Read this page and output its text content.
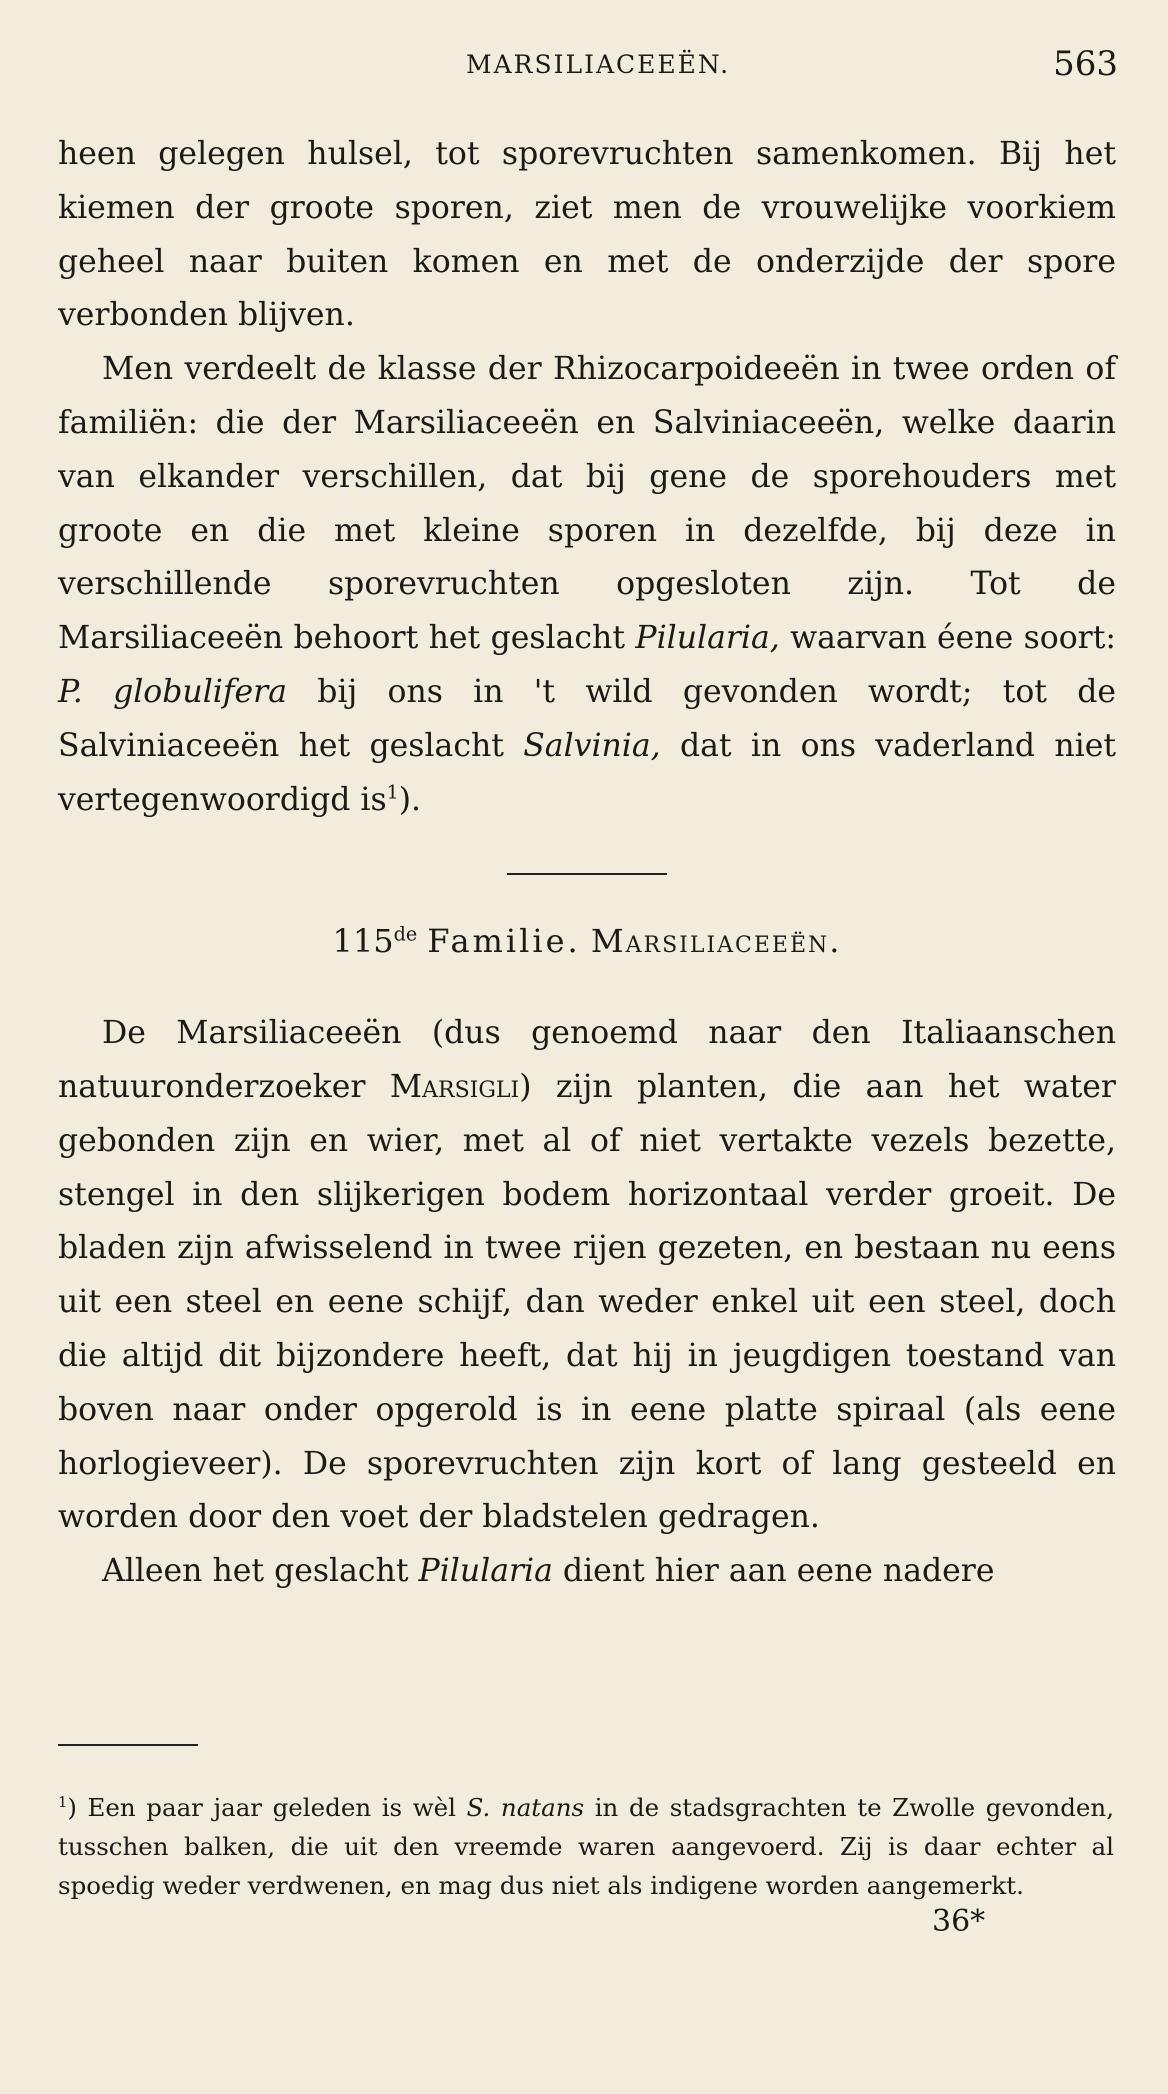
MARSILIACEEËN.	563

heen gelegen hulsel, tot sporevruchten samenkomen. Bij het kiemen der groote sporen, ziet men de vrouwelijke voorkiem geheel naar buiten komen en met de onderzijde der spore verbonden blijven.

Men verdeelt de klasse der Rhizocarpoideeën in twee orden of familiën: die der Marsiliaceeën en Salviniaceeën, welke daarin van elkander verschillen, dat bij gene de sporehouders met groote en die met kleine sporen in dezelfde, bij deze in verschillende sporevruchten opgesloten zijn. Tot de Marsiliaceeën behoort het geslacht Pilularia, waarvan éene soort: P. globulifera bij ons in 't wild gevonden wordt; tot de Salviniaceeën het geslacht Salvinia, dat in ons vaderland niet vertegenwoordigd $is^1$).

115de Familie. Marsiliaceeën.

De Marsiliaceeën (dus genoemd naar den Italiaanschen natuuronderzoeker Marsigli) zijn planten, die aan het water gebonden zijn en wier, met al of niet vertakte vezels bezette, stengel in den slijkerigen bodem horizontaal verder groeit. De bladen zijn afwisselend in twee rijen gezeten, en bestaan nu eens uit een steel en eene schijf, dan weder enkel uit een steel, doch die altijd dit bijzondere heeft, dat hij in jeugdigen toestand van boven naar onder opgerold is in eene platte spiraal (als eene horlogieveer). De sporevruchten zijn kort of lang gesteeld en worden door den voet der bladstelen gedragen.

Alleen het geslacht Pilularia dient hier aan eene nadere

$^1$) Een paar jaar geleden is wèl S. natans in de stadsgrachten te Zwolle gevonden, tusschen balken, die uit den vreemde waren aangevoerd. Zij is daar echter al spoedig weder verdwenen, en mag dus niet als indigene worden aangemerkt.
36*
